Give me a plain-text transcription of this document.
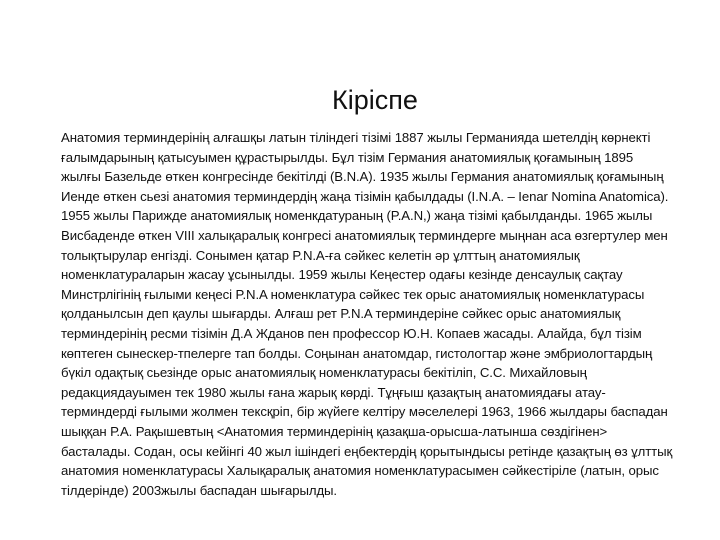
Кіріспе

Анатомия терминдерінің алғашқы латын тіліндегі тізімі 1887 жылы Германияда шетелдің көрнекті ғалымдарының қатысуымен құрастырылды. Бұл тізім Германия анатомиялық қоғамының 1895 жылғы Базельде өткен конгресінде бекітілді (В.N.A). 1935 жылы Германия анатомиялық қоғамының Иенде өткен сьезі анатомия терминдердің жаңа тізімін қабылдады (I.N.A. – Ienar Nomina Anatomica). 1955 жылы Парижде анатомиялық номенкдатураның (P.A.N,) жаңа тізімі қабылданды. 1965 жылы Висбаденде өткен VIII халықаралық конгресі анатомиялық терминдерге мыңнан аса өзгертулер мен толықтырулар енгізді. Сонымен қатар P.N.A-ға сәйкес келетін әр ұлттың анатомиялық номенклатураларын жасау ұсынылды. 1959 жылы Кеңестер одағы кезінде денсаулық сақтау Минстрлігінің ғылыми кеңесі P.N.A номенклатура сәйкес тек орыс анатомиялық номенклатурасы қолданылсын деп қаулы шығарды. Алғаш рет P.N.A терминдеріне сәйкес орыс анатомиялық терминдерінің ресми тізімін Д.А Жданов пен профессор Ю.Н. Копаев жасады. Алайда, бұл тізім көптеген сынескер-тпелерге тап болды. Соңынан анатомдар, гистологтар және эмбриологтардың бүкіл одақтық сьезінде орыс анатомиялық номенклатурасы бекітіліп, С.С. Михайловың редакциядауымен тек 1980 жылы ғана жарық көрді. Тұңғыш қазақтың анатомиядағы атау-терминдерді ғылыми жолмен тексқріп, бір жүйеге келтіру мәселелері 1963, 1966 жылдары баспадан шыққан Р.А. Рақышевтың <Анатомия терминдерінің қазақша-орысша-латынша сөздігінен> басталады. Содан, осы кейінгі 40 жыл ішіндегі еңбектердің қорытындысы ретінде қазақтың өз ұлттық анатомия номенклатурасы Халықаралық анатомия номенклатурасымен сәйкестіріле (латын, орыс тілдерінде) 2003жылы баспадан шығарылды.
